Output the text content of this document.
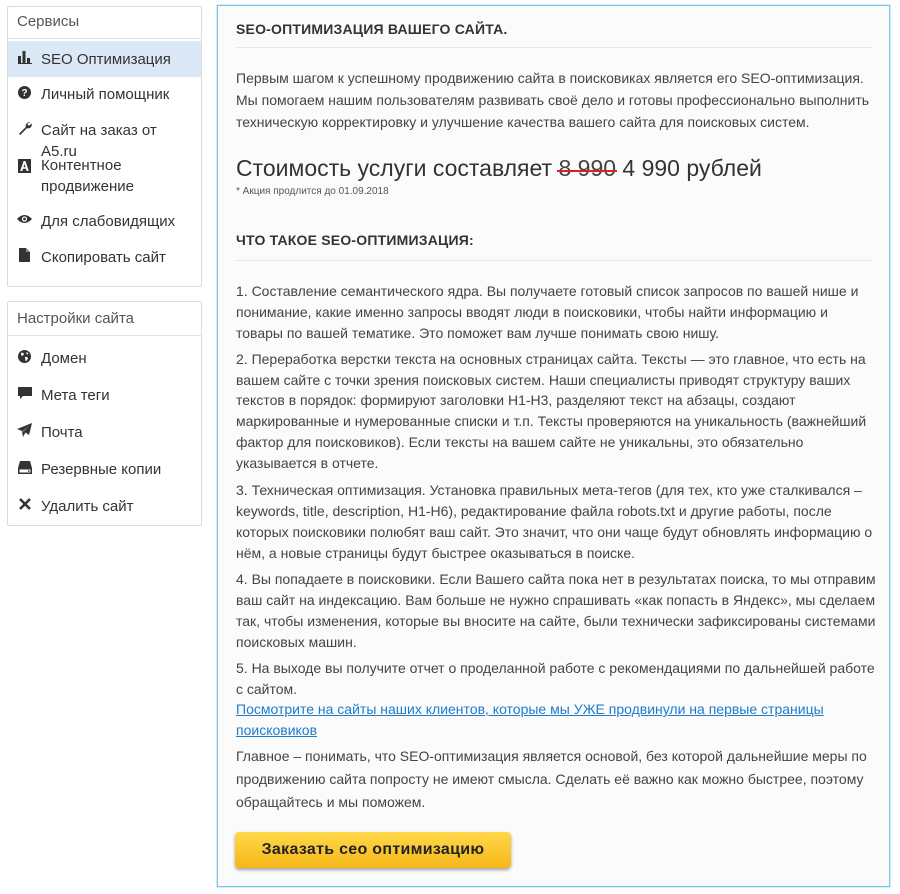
Сервисы
SEO Оптимизация
? Личный помощник
Сайт на заказ от A5.ru
Контентное продвижение
Для слабовидящих
Скопировать сайт
Настройки сайта
Домен
Мета теги
Почта
Резервные копии
Удалить сайт
SEO-ОПТИМИЗАЦИЯ ВАШЕГО САЙТА.
Первым шагом к успешному продвижению сайта в поисковиках является его SEO-оптимизация. Мы помогаем нашим пользователям развивать своё дело и готовы профессионально выполнить техническую корректировку и улучшение качества вашего сайта для поисковых систем.
Стоимость услуги составляет 8 990 4 990 рублей
* Акция продлится до 01.09.2018
ЧТО ТАКОЕ SEO-ОПТИМИЗАЦИЯ:
1. Составление семантического ядра. Вы получаете готовый список запросов по вашей нише и пониманиe, какие именно запросы вводят люди в поисковики, чтобы найти информацию и товары по вашей тематике. Это поможет вам лучше понимать свою нишу.
2. Переработка верстки текста на основных страницах сайта. Тексты — это главное, что есть на вашем сайте с точки зрения поисковых систем. Наши специалисты приводят структуру ваших текстов в порядок: формируют заголовки H1-H3, разделяют текст на абзацы, создают маркированные и нумерованные списки и т.п. Тексты проверяются на уникальность (важнейший фактор для поисковиков). Если тексты на вашем сайте не уникальны, это обязательно указывается в отчете.
3. Техническая оптимизация. Установка правильных мета-тегов (для тех, кто уже сталкивался – keywords, title, description, H1-H6), редактирование файла robots.txt и другие работы, после которых поисковики полюбят ваш сайт. Это значит, что они чаще будут обновлять информацию о нём, а новые страницы будут быстрее оказываться в поиске.
4. Вы попадаете в поисковики. Если Вашего сайта пока нет в результатах поиска, то мы отправим ваш сайт на индексацию. Вам больше не нужно спрашивать «как попасть в Яндекс», мы сделаем так, чтобы изменения, которые вы вносите на сайте, были технически зафиксированы системами поисковых машин.
5. На выходе вы получите отчет о проделанной работе с рекомендациями по дальнейшей работе с сайтом.
Посмотрите на сайты наших клиентов, которые мы УЖЕ продвинули на первые страницы поисковиков
Главное – понимать, что SEO-оптимизация является основой, без которой дальнейшие меры по продвижению сайта попросту не имеют смысла. Сделать её важно как можно быстрее, поэтому обращайтесь и мы поможем.
Заказать сео оптимизацию
